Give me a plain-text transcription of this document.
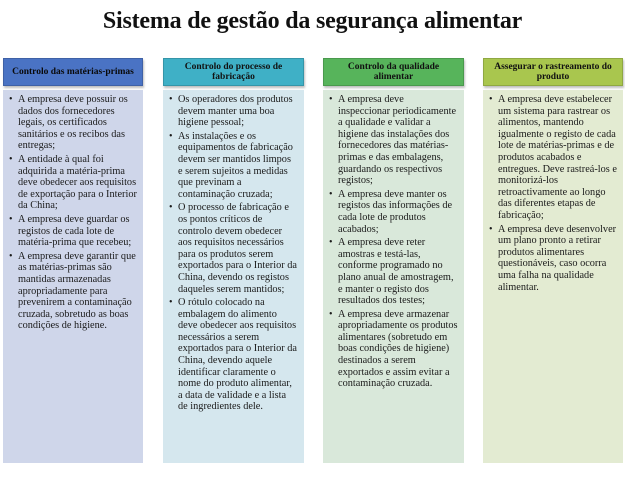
Sistema de gestão da segurança alimentar
Controlo das matérias-primas
• A empresa deve possuir os dados dos fornecedores legais, os certificados sanitários e os recibos das entregas;
• A entidade à qual foi adquirida a matéria-prima deve obedecer aos requisitos de exportação para o Interior da China;
• A empresa deve guardar os registos de cada lote de matéria-prima que recebeu;
• A empresa deve garantir que as matérias-primas são mantidas armazenadas apropriadamente para prevenirem a contaminação cruzada, sobretudo as boas condições de higiene.
Controlo do processo de fabricação
• Os operadores dos produtos devem manter uma boa higiene pessoal;
• As instalações e os equipamentos de fabricação devem ser mantidos limpos e serem sujeitos a medidas que previnam a contaminação cruzada;
• O processo de fabricação e os pontos críticos de controlo devem obedecer aos requisitos necessários para os produtos serem exportados para o Interior da China, devendo os registos daqueles serem mantidos;
• O rótulo colocado na embalagem do alimento deve obedecer aos requisitos necessários a serem exportados para o Interior da China, devendo aquele identificar claramente o nome do produto alimentar, a data de validade e a lista de ingredientes dele.
Controlo da qualidade alimentar
• A empresa deve inspeccionar periodicamente a qualidade e validar a higiene das instalações dos fornecedores das matérias-primas e das embalagens, guardando os respectivos registos;
• A empresa deve manter os registos das informações de cada lote de produtos acabados;
• A empresa deve reter amostras e testá-las, conforme programado no plano anual de amostragem, e manter o registo dos resultados dos testes;
• A empresa deve armazenar apropriadamente os produtos alimentares (sobretudo em boas condições de higiene) destinados a serem exportados e assim evitar a contaminação cruzada.
Assegurar o rastreamento do produto
• A empresa deve estabelecer um sistema para rastrear os alimentos, mantendo igualmente o registo de cada lote de matérias-primas e de produtos acabados e entregues. Deve rastreá-los e monitorizá-los retroactivamente ao longo das diferentes etapas de fabricação;
• A empresa deve desenvolver um plano pronto a retirar produtos alimentares questionáveis, caso ocorra uma falha na qualidade alimentar.
